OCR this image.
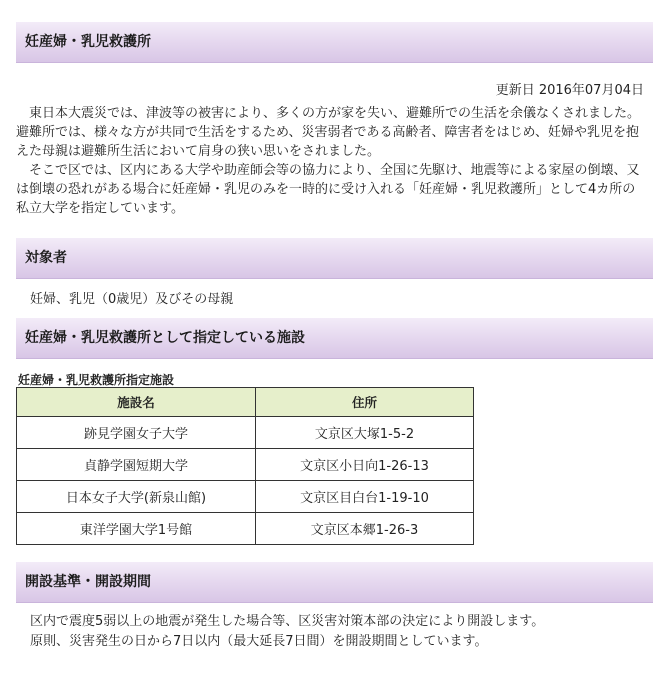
妊産婦・乳児救護所
更新日 2016年07月04日

東日本大震災では、津波等の被害により、多くの方が家を失い、避難所での生活を余儀なくされました。避難所では、様々な方が共同で生活をするため、災害弱者である高齢者、障害者をはじめ、妊婦や乳児を抱えた母親は避難所生活において肩身の狭い思いをされました。

そこで区では、区内にある大学や助産師会等の協力により、全国に先駆け、地震等による家屋の倒壊、又は倒壊の恐れがある場合に妊産婦・乳児のみを一時的に受け入れる「妊産婦・乳児救護所」として4カ所の私立大学を指定しています。

対象者
妊婦、乳児（0歳児）及びその母親
妊産婦・乳児救護所として指定している施設
妊産婦・乳児救護所指定施設
施設名	住所
跡見学園女子大学	文京区大塚1-5-2
貞静学園短期大学	文京区小日向1-26-13
日本女子大学(新泉山館)	文京区目白台1-19-10
東洋学園大学1号館	文京区本郷1-26-3
開設基準・開設期間

区内で震度5弱以上の地震が発生した場合等、区災害対策本部の決定により開設します。

原則、災害発生の日から7日以内（最大延長7日間）を開設期間としています。
